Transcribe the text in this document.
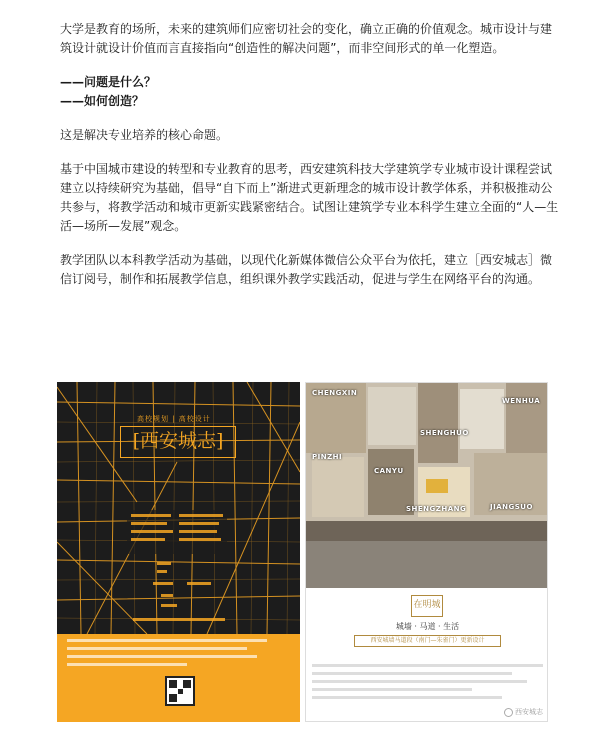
大学是教育的场所，未来的建筑师们应密切社会的变化，确立正确的价值观念。城市设计与建筑设计就设计价值而言直接指向“创造性的解决问题”，而非空间形式的单一化塑造。

——问题是什么？

——如何创造？

这是解决专业培养的核心命题。

基于中国城市建设的转型和专业教育的思考，西安建筑科技大学建筑学专业城市设计课程尝试建立以持续研究为基础，倡导“自下而上”渐进式更新理念的城市设计教学体系，并积极推动公共参与，将教学活动和城市更新实践紧密结合。试图让建筑学专业本科学生建立全面的“人—生活—场所—发展”观念。

教学团队以本科教学活动为基础，以现代化新媒体微信公众平台为依托，建立［西安城志］微信订阅号，制作和拓展教学信息，组织课外教学实践活动，促进与学生在网络平台的沟通。

高校规划 | 高校设计
[西安城志]
CHENGXIN
PINZHI
CANYU
SHENGZHANG
WENHUA
SHENGHUO
JIANGSUO
在明城
城墙 · 马道 · 生活
西安城墙马道段（南门—朱雀门）更新设计
西安城志
